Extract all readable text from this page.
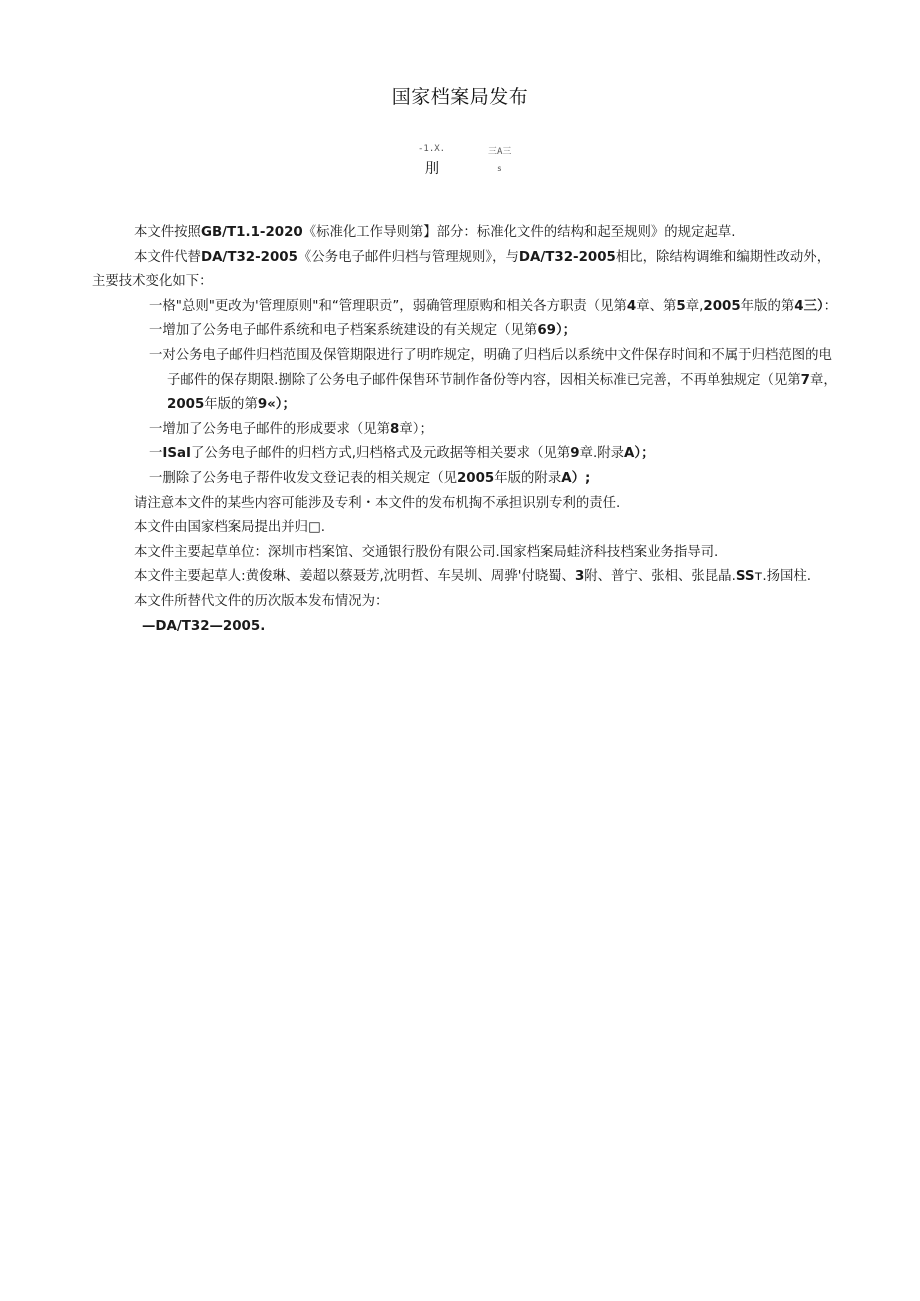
国家档案局发布
-1.X.	三A三
刖	s

本文件按照GB/T1.1-2020《标准化工作导则第】部分：标准化文件的结构和起至规则》的规定起草.

本文件代替DA/T32-2005《公务电子邮件归档与管理规则》，与DA/T32-2005相比，除结构调维和编期性改动外，主要技术变化如下：

一格"总则"更改为'管理原则"和“管理职贡”，弱确管理原购和相关各方职责（见第4章、第5章,2005年版的第4三）：

一增加了公务电子邮件系统和电子档案系统建设的有关规定（见第69）；

一对公务电子邮件归档范围及保管期限进行了明昨规定，明确了归档后以系统中文件保存时间和不属于归档范图的电子邮件的保存期限.捌除了公务电子邮件保售环节制作备份等内容，因相关标准已完善，不再单独规定（见第7章，2005年版的第9«）；

一增加了公务电子邮件的形成要求（见第8章）；

一ISaI了公务电子邮件的归档方式,归档格式及元政据等相关要求（见第9章.附录A）；

一删除了公务电子帮件收发文登记表的相关规定（见2005年版的附录A）;

请注意本文件的某些内容可能涉及专利・本文件的发布机掏不承担识别专利的责任.

本文件由国家档案局提出并归□.

本文件主要起草单位：深圳市档案馆、交通银行股份有限公司.国家档案局蛙济科技档案业务指导司.

本文件主要起草人:黄俊琳、姜超以蔡聂芳,沈明哲、车吴圳、周骅'付晓蜀、3附、普宁、张相、张昆晶.SSт.扬国柱.

本文件所替代文件的历次版本发布情况为：

—DA/T32—2005.
